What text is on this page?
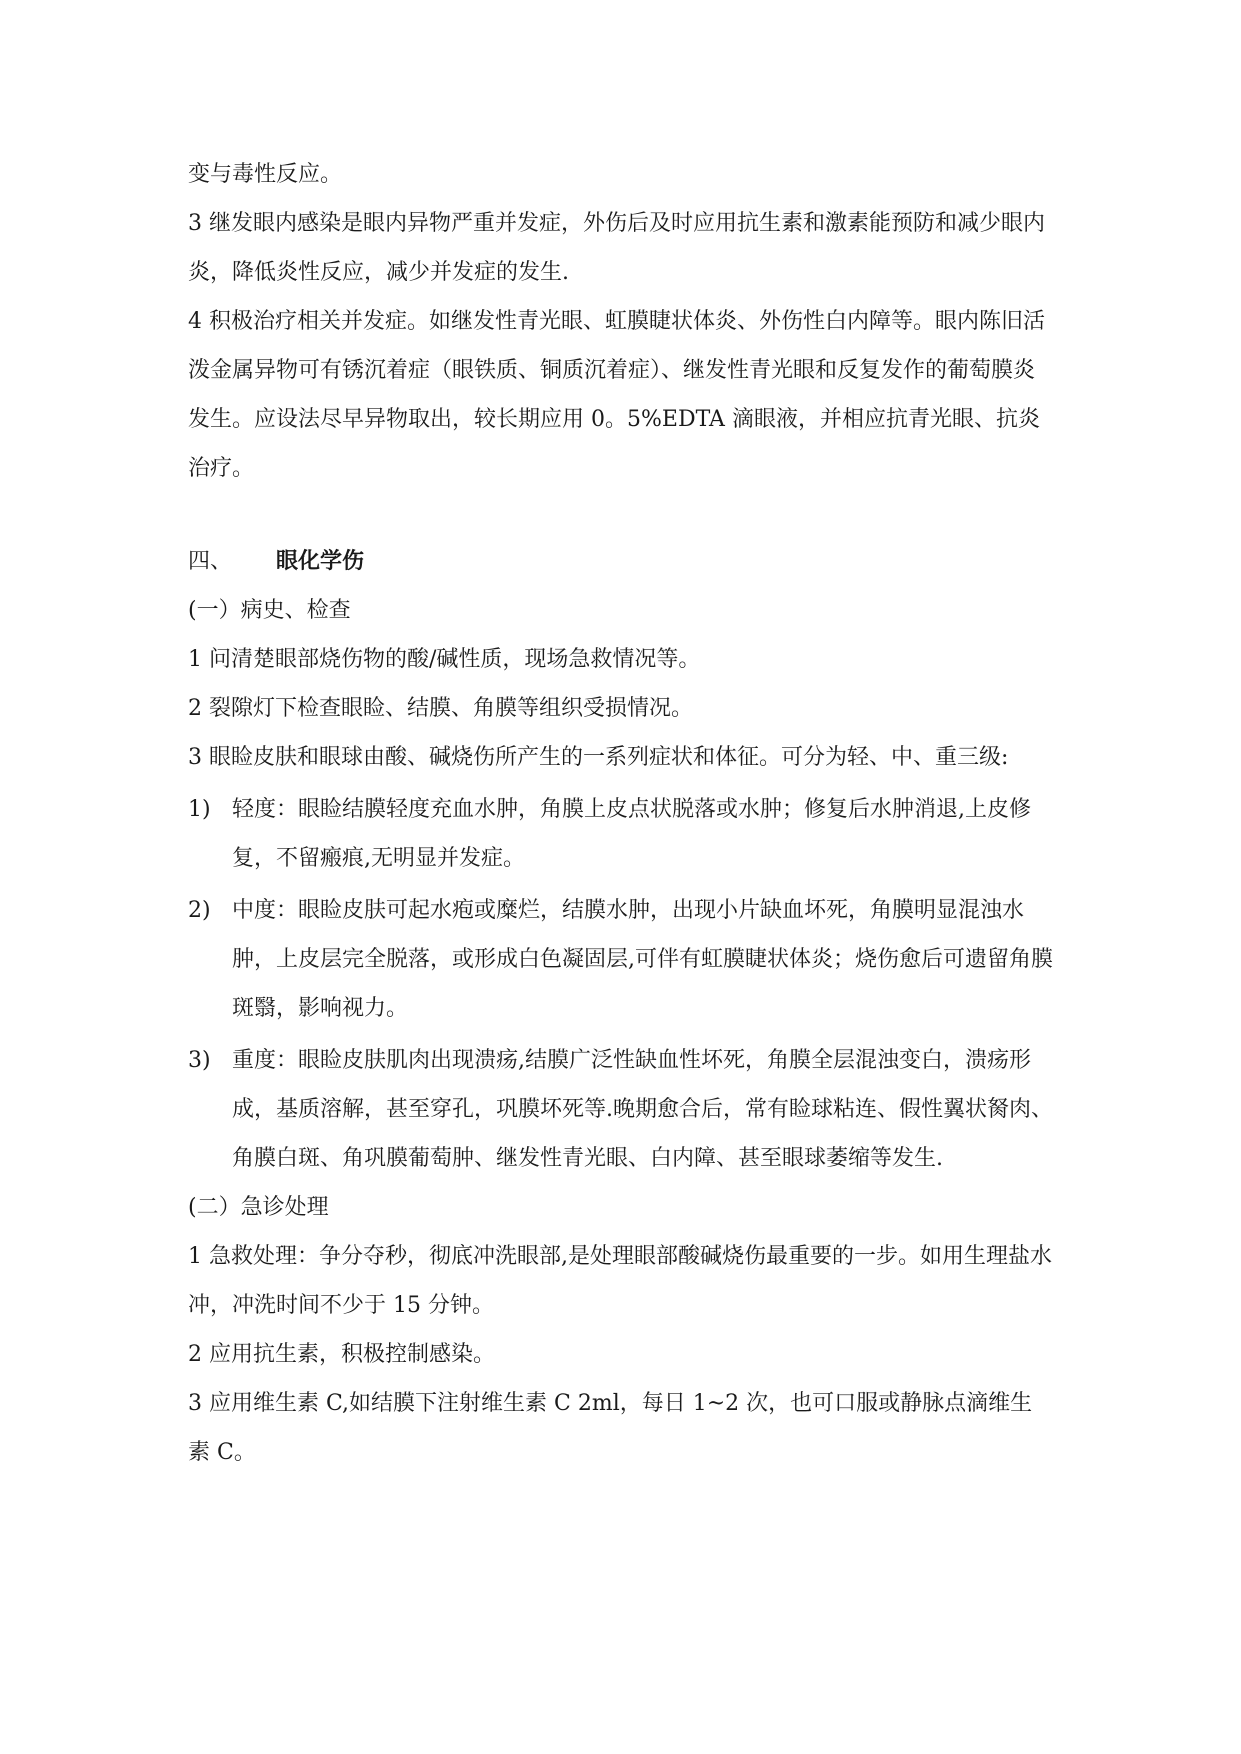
变与毒性反应。

3 继发眼内感染是眼内异物严重并发症，外伤后及时应用抗生素和激素能预防和减少眼内炎，降低炎性反应，减少并发症的发生.

4 积极治疗相关并发症。如继发性青光眼、虹膜睫状体炎、外伤性白内障等。眼内陈旧活泼金属异物可有锈沉着症（眼铁质、铜质沉着症）、继发性青光眼和反复发作的葡萄膜炎发生。应设法尽早异物取出，较长期应用 0。5%EDTA 滴眼液，并相应抗青光眼、抗炎治疗。

四、 眼化学伤

(一）病史、检查

1 问清楚眼部烧伤物的酸/碱性质，现场急救情况等。

2 裂隙灯下检查眼睑、结膜、角膜等组织受损情况。

3 眼睑皮肤和眼球由酸、碱烧伤所产生的一系列症状和体征。可分为轻、中、重三级:

1) 轻度：眼睑结膜轻度充血水肿，角膜上皮点状脱落或水肿；修复后水肿消退,上皮修复，不留瘢痕,无明显并发症。
2) 中度：眼睑皮肤可起水疱或糜烂，结膜水肿，出现小片缺血坏死，角膜明显混浊水肿，上皮层完全脱落，或形成白色凝固层,可伴有虹膜睫状体炎；烧伤愈后可遗留角膜斑翳，影响视力。
3) 重度：眼睑皮肤肌肉出现溃疡,结膜广泛性缺血性坏死，角膜全层混浊变白，溃疡形成，基质溶解，甚至穿孔，巩膜坏死等.晚期愈合后，常有睑球粘连、假性翼状胬肉、角膜白斑、角巩膜葡萄肿、继发性青光眼、白内障、甚至眼球萎缩等发生.

(二）急诊处理

1 急救处理：争分夺秒，彻底冲洗眼部,是处理眼部酸碱烧伤最重要的一步。如用生理盐水冲，冲洗时间不少于 15 分钟。

2 应用抗生素，积极控制感染。

3 应用维生素 C,如结膜下注射维生素 C 2ml，每日 1~2 次，也可口服或静脉点滴维生素 C。
